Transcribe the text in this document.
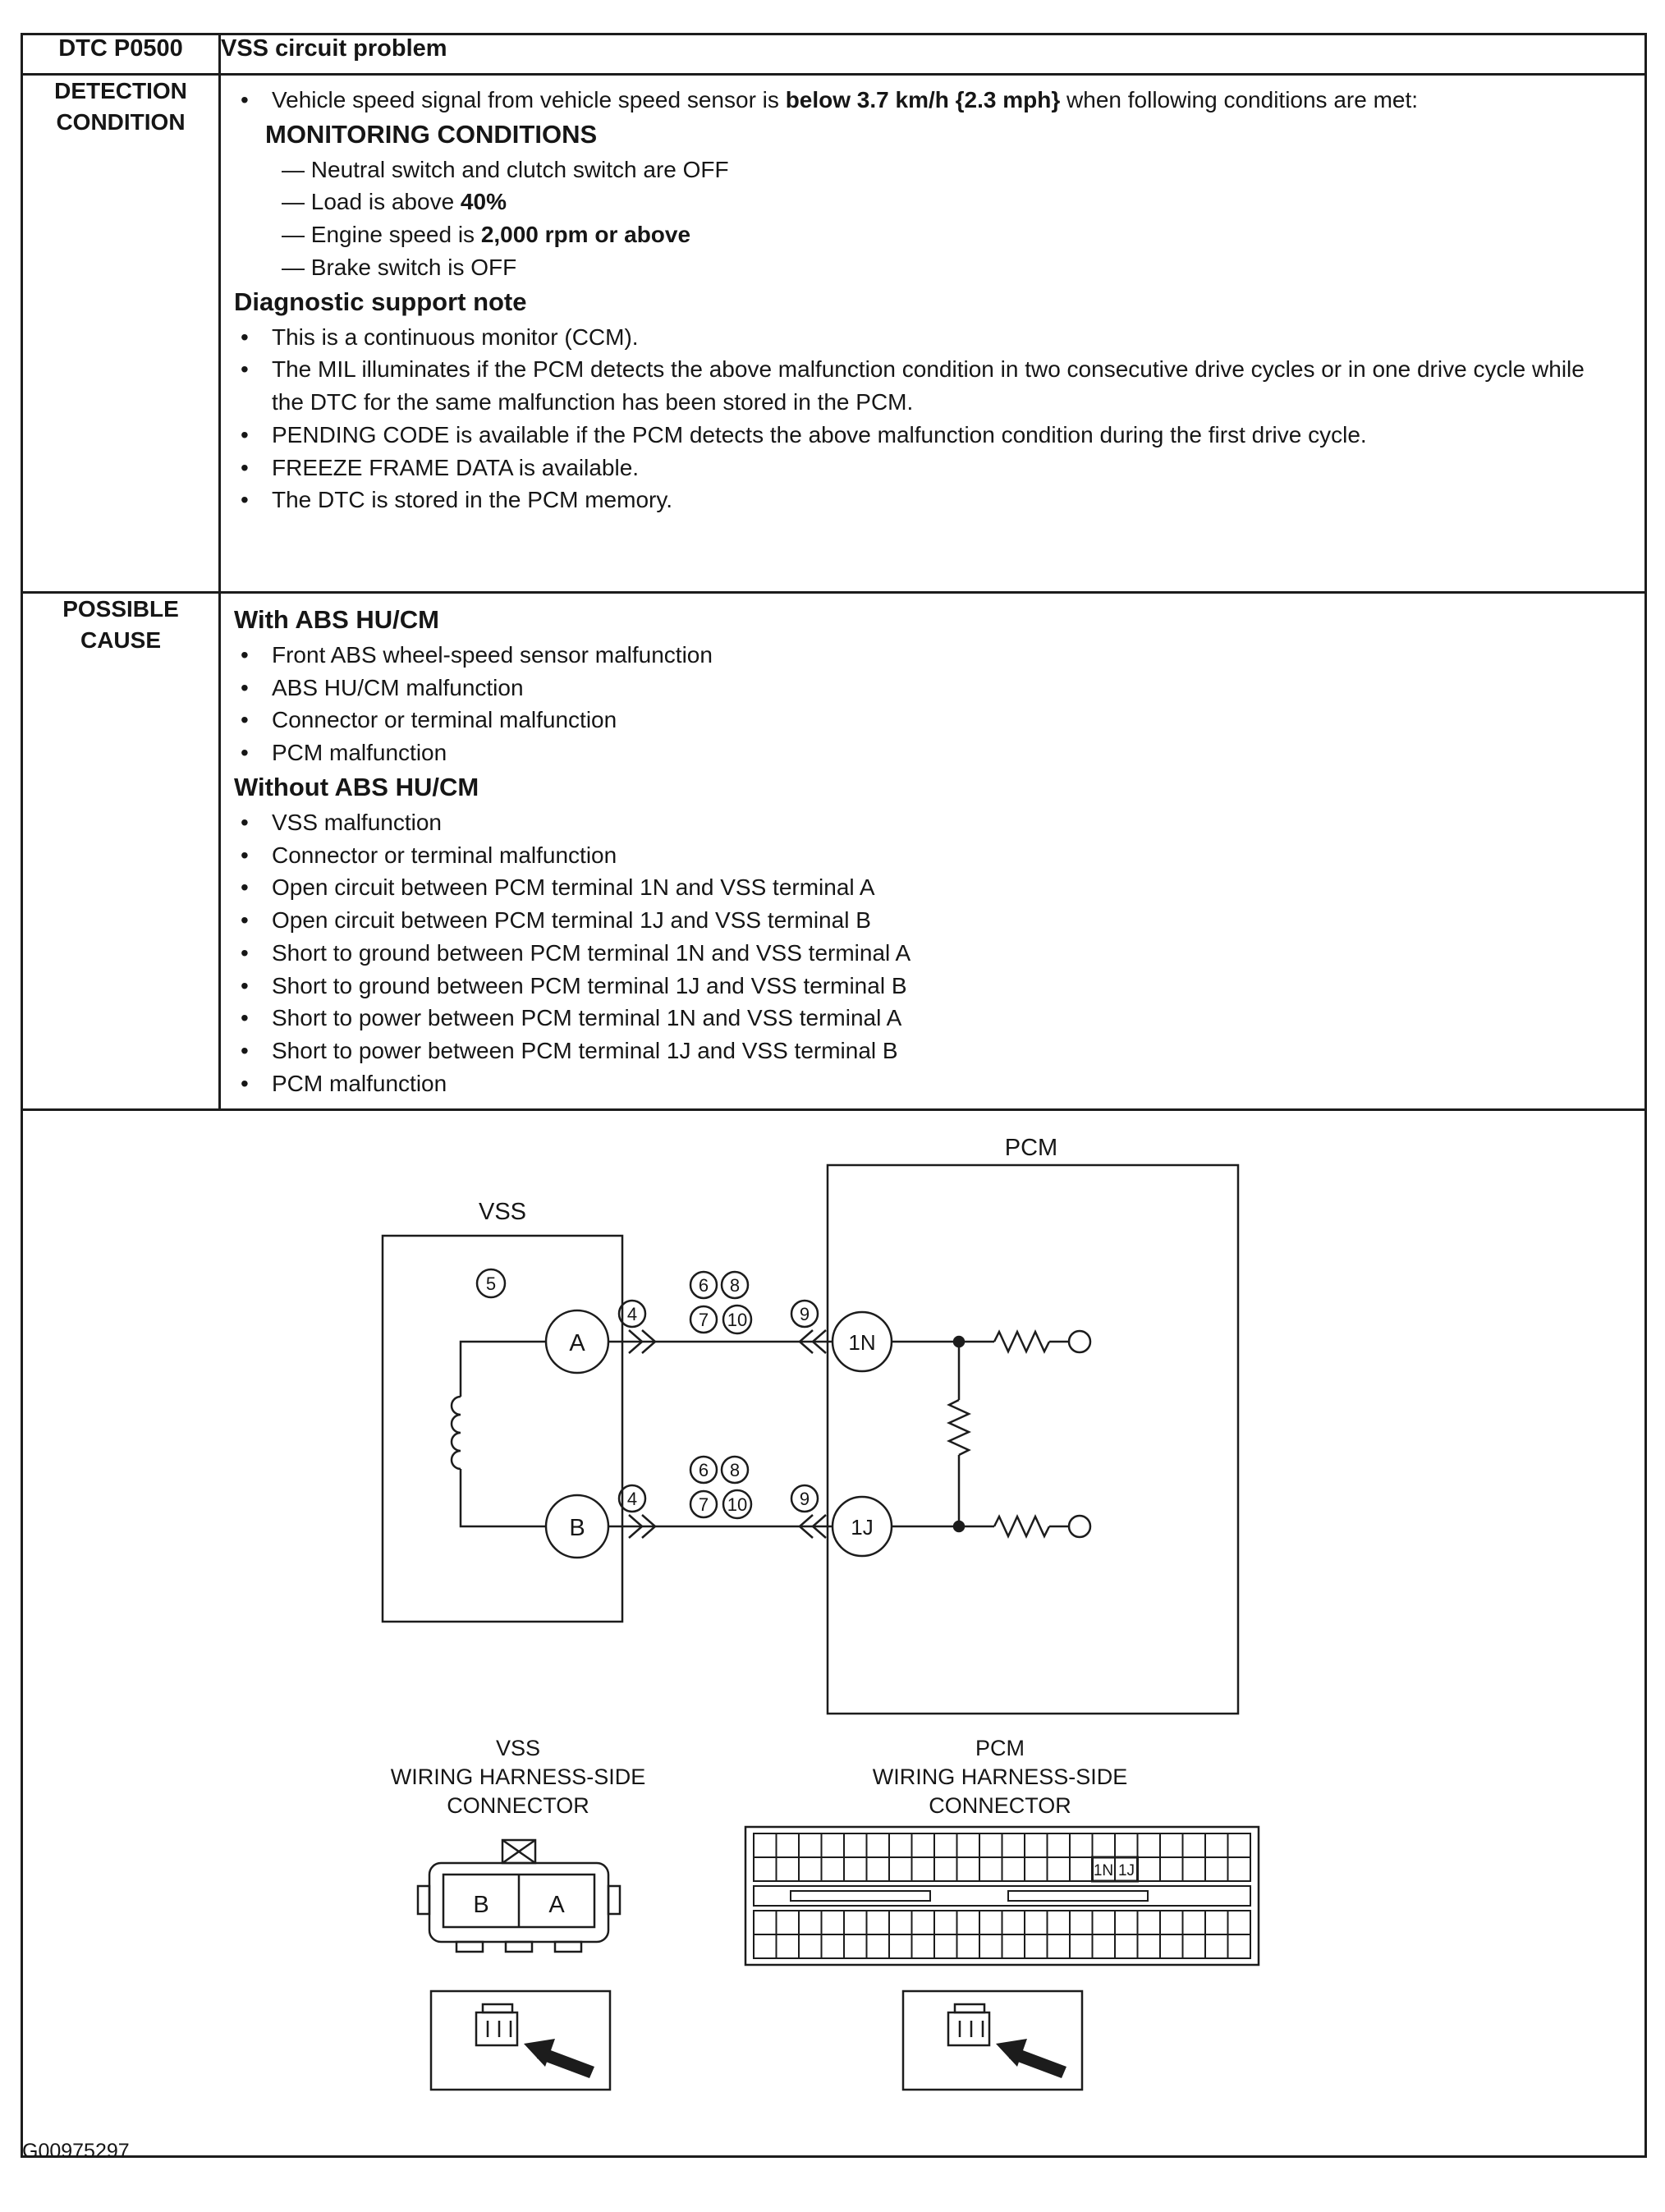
DTC P0500	VSS circuit problem

DETECTION
CONDITION

•	Vehicle speed signal from vehicle speed sensor is below 3.7 km/h {2.3 mph} when following conditions are met:
MONITORING CONDITIONS
— Neutral switch and clutch switch are OFF
— Load is above 40%
— Engine speed is 2,000 rpm or above
— Brake switch is OFF
Diagnostic support note
•	This is a continuous monitor (CCM).
•	The MIL illuminates if the PCM detects the above malfunction condition in two consecutive drive cycles or in one drive cycle while the DTC for the same malfunction has been stored in the PCM.
•	PENDING CODE is available if the PCM detects the above malfunction condition during the first drive cycle.
•	FREEZE FRAME DATA is available.
•	The DTC is stored in the PCM memory.

POSSIBLE
CAUSE

With ABS HU/CM
•	Front ABS wheel-speed sensor malfunction
•	ABS HU/CM malfunction
•	Connector or terminal malfunction
•	PCM malfunction
Without ABS HU/CM
•	VSS malfunction
•	Connector or terminal malfunction
•	Open circuit between PCM terminal 1N and VSS terminal A
•	Open circuit between PCM terminal 1J and VSS terminal B
•	Short to ground between PCM terminal 1N and VSS terminal A
•	Short to ground between PCM terminal 1J and VSS terminal B
•	Short to power between PCM terminal 1N and VSS terminal A
•	Short to power between PCM terminal 1J and VSS terminal B
•	PCM malfunction

PCM
VSS
5
4
6 8
7 10	9
4
6 8
7 10	9
A
B
1N
1J
VSS
WIRING HARNESS-SIDE
CONNECTOR
PCM
WIRING HARNESS-SIDE
CONNECTOR
B	A
1N 1J
G00975297
